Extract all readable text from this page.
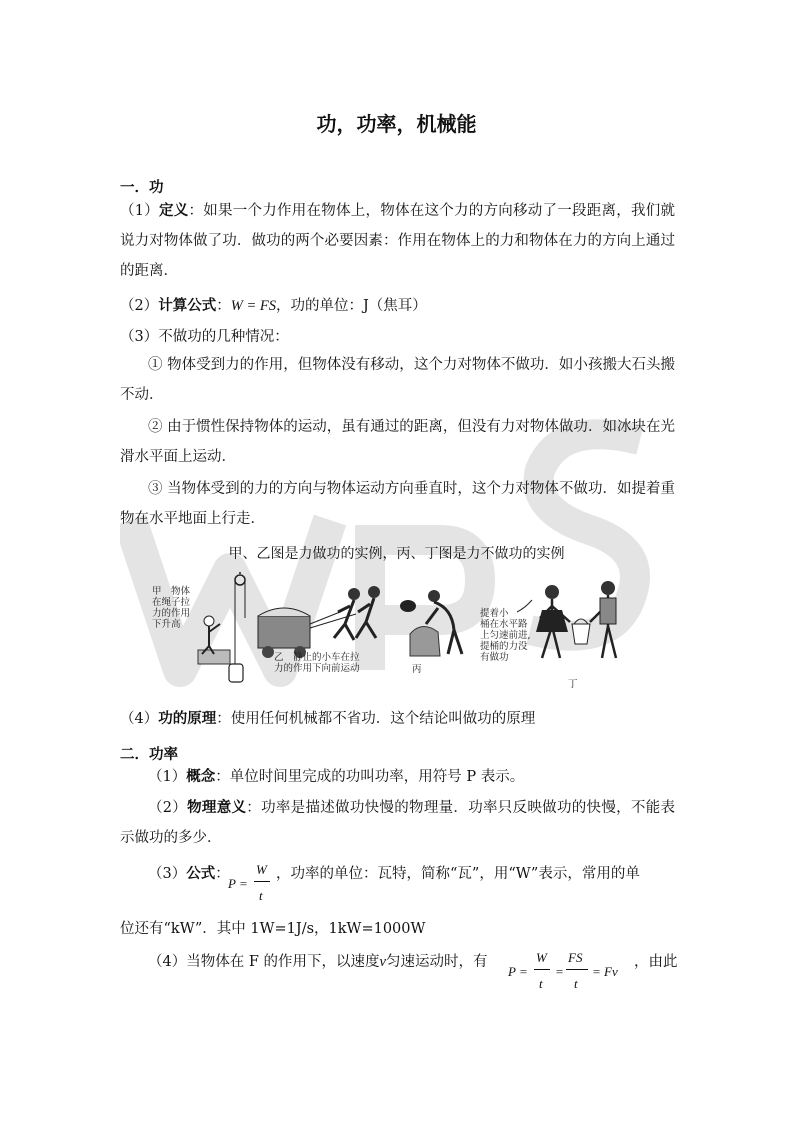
功，功率，机械能
一．功
（1）定义：如果一个力作用在物体上，物体在这个力的方向移动了一段距离，我们就说力对物体做了功．做功的两个必要因素：作用在物体上的力和物体在力的方向上通过的距离．
（2）计算公式：W = FS，功的单位：J（焦耳）
（3）不做功的几种情况：
① 物体受到力的作用，但物体没有移动，这个力对物体不做功．如小孩搬大石头搬不动．
② 由于惯性保持物体的运动，虽有通过的距离，但没有力对物体做功．如冰块在光滑水平面上运动．
③ 当物体受到的力的方向与物体运动方向垂直时，这个力对物体不做功．如提着重物在水平地面上行走．
甲、乙图是力做功的实例，丙、丁图是力不做功的实例
甲　物体
在绳子拉
力的作用
下升高
乙　静止的小车在拉
力的作用下向前运动	丙
提着小
桶在水平路
上匀速前进,
提桶的力没
有做功
丁
（4）功的原理：使用任何机械都不省功．这个结论叫做功的原理
二．功率
（1）概念：单位时间里完成的功叫功率，用符号 P 表示。
（2）物理意义：功率是描述做功快慢的物理量．功率只反映做功的快慢，不能表示做功的多少．
（3）公式：
P =
W
t
，功率的单位：瓦特，简称“瓦”，用“W”表示，常用的单
位还有“kW”．其中 1W=1J/s，1kW=1000W
（4）当物体在 F 的作用下，以速度v匀速运动时，有
P =
W
t
=
FS
t
= Fv
，由此
